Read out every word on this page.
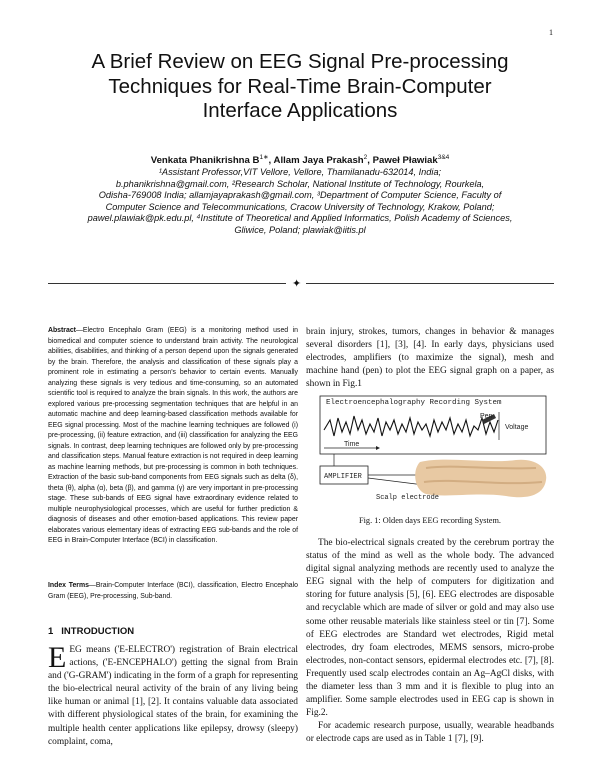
1
A Brief Review on EEG Signal Pre-processing
Techniques for Real-Time Brain-Computer
Interface Applications
Venkata Phanikrishna $B^{1∗}$, Allam Jaya Prakash$^2$, Paweł Pławiak$^{3\&4}$
¹Assistant Professor,VIT Vellore, Vellore, Thamilanadu-632014, India;
b.phanikrishna@gmail.com, ²Research Scholar, National Institute of Technology, Rourkela,
Odisha-769008 India; allamjayaprakash@gmail.com, ³Department of Computer Science, Faculty of
Computer Science and Telecommunications, Cracow University of Technology, Krakow, Poland;
pawel.plawiak@pk.edu.pl, ⁴Institute of Theoretical and Applied Informatics, Polish Academy of Sciences,
Gliwice, Poland; plawiak@iitis.pl
✦
Abstract—Electro Encephalo Gram (EEG) is a monitoring method used in biomedical and computer science to understand brain activity. The neurological abilities, disabilities, and thinking of a person depend upon the signals generated by the brain. Therefore, the analysis and classification of these signals play a prominent role in estimating a person's behavior to certain events. Manually analyzing these signals is very tedious and time-consuming, so an automated scientific tool is required to analyze the brain signals. In this work, the authors are explored various pre-processing segmentation techniques that are helpful in an automatic machine and deep learning-based classification methods available for EEG signal processing. Most of the machine learning techniques are followed (i) pre-processing, (ii) feature extraction, and (iii) classification for analyzing the EEG signals. In contrast, deep learning techniques are followed only by pre-processing and classification steps. Manual feature extraction is not required in deep learning as machine learning methods, but pre-processing is common in both techniques. Extraction of the basic sub-band components from EEG signals such as delta (δ), theta (θ), alpha (α), beta (β), and gamma (γ) are very important in pre-processing stage. These sub-bands of EEG signal have extraordinary evidence related to multiple neurophysiological processes, which are useful for further prediction & diagnosis of diseases and other emotion-based applications. This review paper elaborates various elementary ideas of extracting EEG sub-bands and the role of EEG in Brain-Computer Interface (BCI) in classification.
Index Terms—Brain-Computer Interface (BCI), classification, Electro Encephalo Gram (EEG), Pre-processing, Sub-band.
1 INTRODUCTION
EEG means ('E-ELECTRO') registration of Brain electrical actions, ('E-ENCEPHALO') getting the signal from Brain and ('G-GRAM') indicating in the form of a graph for representing the bio-electrical neural activity of the brain of any living being like human or animal [1], [2]. It contains valuable data associated with different physiological states of the brain, for examining the multiple health center applications like epilepsy, drowsy (sleepy) complaint, coma,
brain injury, strokes, tumors, changes in behavior & manages several disorders [1], [3], [4]. In early days, physicians used electrodes, amplifiers (to maximize the signal), mesh and machine hand (pen) to plot the EEG signal graph on a paper, as shown in Fig.1
Electroencephalography Recording System
Pen
Voltage
Time
AMPLIFIER
Scalp electrode
Fig. 1: Olden days EEG recording System.

The bio-electrical signals created by the cerebrum portray the status of the mind as well as the whole body. The advanced digital signal analyzing methods are recently used to analyze the EEG signal with the help of computers for digitization and storing for future analysis [5], [6]. EEG electrodes are disposable and recyclable which are made of silver or gold and may also use some other reusable materials like stainless steel or tin [7]. Some of EEG electrodes are Standard wet electrodes, Rigid metal electrodes, dry foam electrodes, MEMS sensors, micro-probe electrodes, non-contact sensors, epidermal electrodes etc. [7], [8]. Frequently used scalp electrodes contain an Ag–AgCl disks, with the diameter less than 3 mm and it is flexible to plug into an amplifier. Some sample electrodes used in EEG cap is shown in Fig.2.

For academic research purpose, usually, wearable headbands or electrode caps are used as in Table 1 [7], [9].
